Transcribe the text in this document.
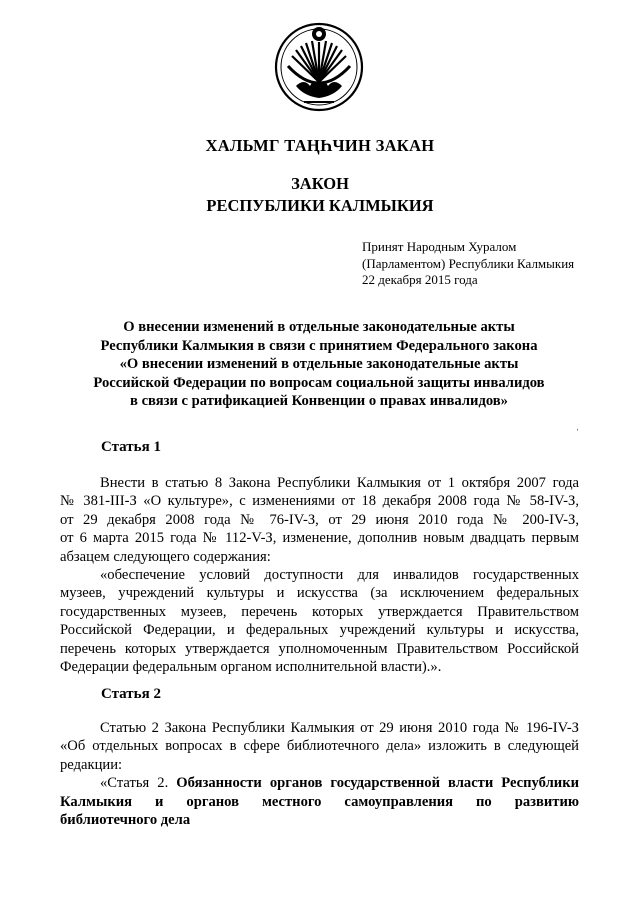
ХАЛЬМГ ТАҢҺЧИН ЗАКАН
ЗАКОН
РЕСПУБЛИКИ КАЛМЫКИЯ
Принят Народным Хуралом
(Парламентом) Республики Калмыкия
22 декабря 2015 года
О внесении изменений в отдельные законодательные акты
Республики Калмыкия в связи с принятием Федерального закона
«О внесении изменений в отдельные законодательные акты
Российской Федерации по вопросам социальной защиты инвалидов
в связи с ратификацией Конвенции о правах инвалидов»
ˌ
Статья 1
Внести в статью 8 Закона Республики Калмыкия от 1 октября 2007 года
№ 381-III-З «О культуре», с изменениями от 18 декабря 2008 года № 58-IV-З,
от 29 декабря 2008 года № 76-IV-З, от 29 июня 2010 года № 200-IV-З,
от 6 марта 2015 года № 112-V-З, изменение, дополнив новым двадцать первым
абзацем следующего содержания:
«обеспечение условий доступности для инвалидов государственных
музеев, учреждений культуры и искусства (за исключением федеральных
государственных музеев, перечень которых утверждается Правительством
Российской Федерации, и федеральных учреждений культуры и искусства,
перечень которых утверждается уполномоченным Правительством Российской
Федерации федеральным органом исполнительной власти).».
Статья 2
Статью 2 Закона Республики Калмыкия от 29 июня 2010 года № 196-IV-З
«Об отдельных вопросах в сфере библиотечного дела» изложить в следующей
редакции:
«Статья 2. Обязанности органов государственной власти Республики
Калмыкия и органов местного самоуправления по развитию
библиотечного дела
